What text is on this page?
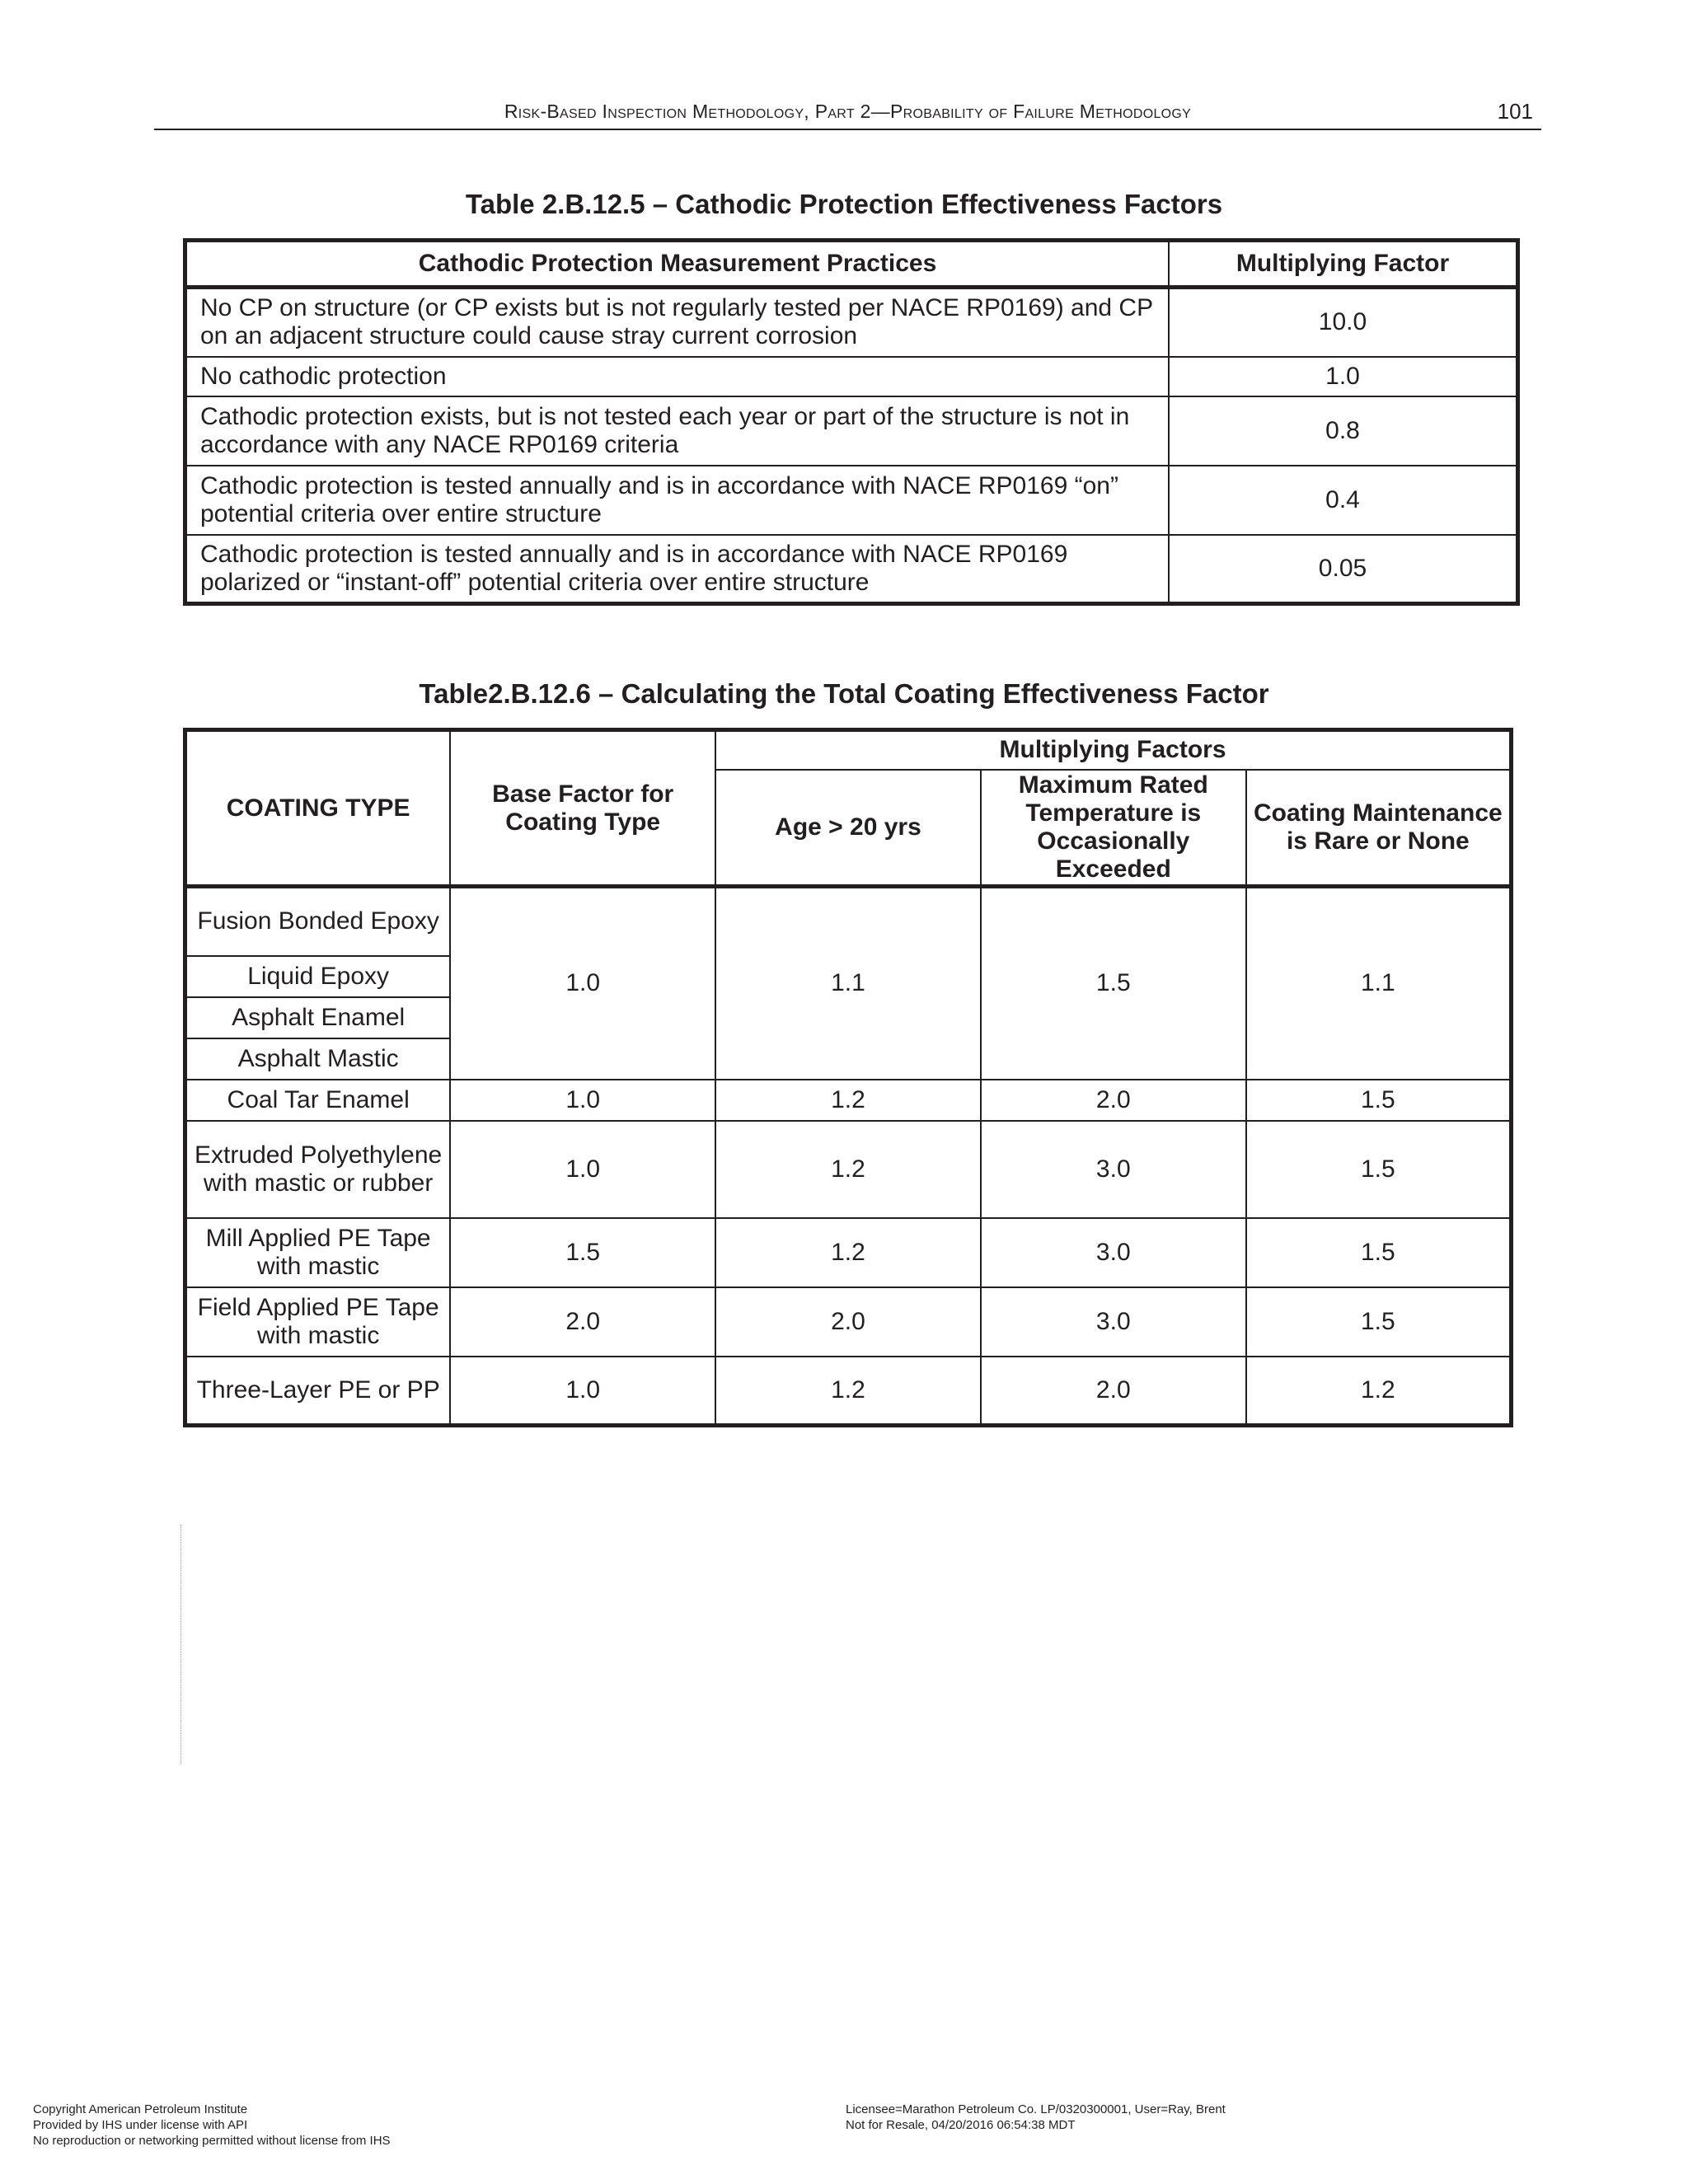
Risk-Based Inspection Methodology, Part 2—Probability of Failure Methodology	101
Table 2.B.12.5 – Cathodic Protection Effectiveness Factors
Cathodic Protection Measurement Practices	Multiplying Factor
No CP on structure (or CP exists but is not regularly tested per NACE RP0169) and CP on an adjacent structure could cause stray current corrosion	10.0
No cathodic protection	1.0
Cathodic protection exists, but is not tested each year or part of the structure is not in accordance with any NACE RP0169 criteria	0.8
Cathodic protection is tested annually and is in accordance with NACE RP0169 “on” potential criteria over entire structure	0.4
Cathodic protection is tested annually and is in accordance with NACE RP0169 polarized or “instant-off” potential criteria over entire structure	0.05
Table2.B.12.6 – Calculating the Total Coating Effectiveness Factor
COATING TYPE	Base Factor for Coating Type	Multiplying Factors		
		Age > 20 yrs	Maximum Rated Temperature is Occasionally Exceeded	Coating Maintenance is Rare or None
Fusion Bonded Epoxy	1.0	1.1	1.5	1.1
Liquid Epoxy				
Asphalt Enamel				
Asphalt Mastic				
Coal Tar Enamel	1.0	1.2	2.0	1.5
Extruded Polyethylene with mastic or rubber	1.0	1.2	3.0	1.5
Mill Applied PE Tape with mastic	1.5	1.2	3.0	1.5
Field Applied PE Tape with mastic	2.0	2.0	3.0	1.5
Three-Layer PE or PP	1.0	1.2	2.0	1.2
Copyright American Petroleum Institute
Provided by IHS under license with API
No reproduction or networking permitted without license from IHS
Licensee=Marathon Petroleum Co. LP/0320300001, User=Ray, Brent
Not for Resale, 04/20/2016 06:54:38 MDT
